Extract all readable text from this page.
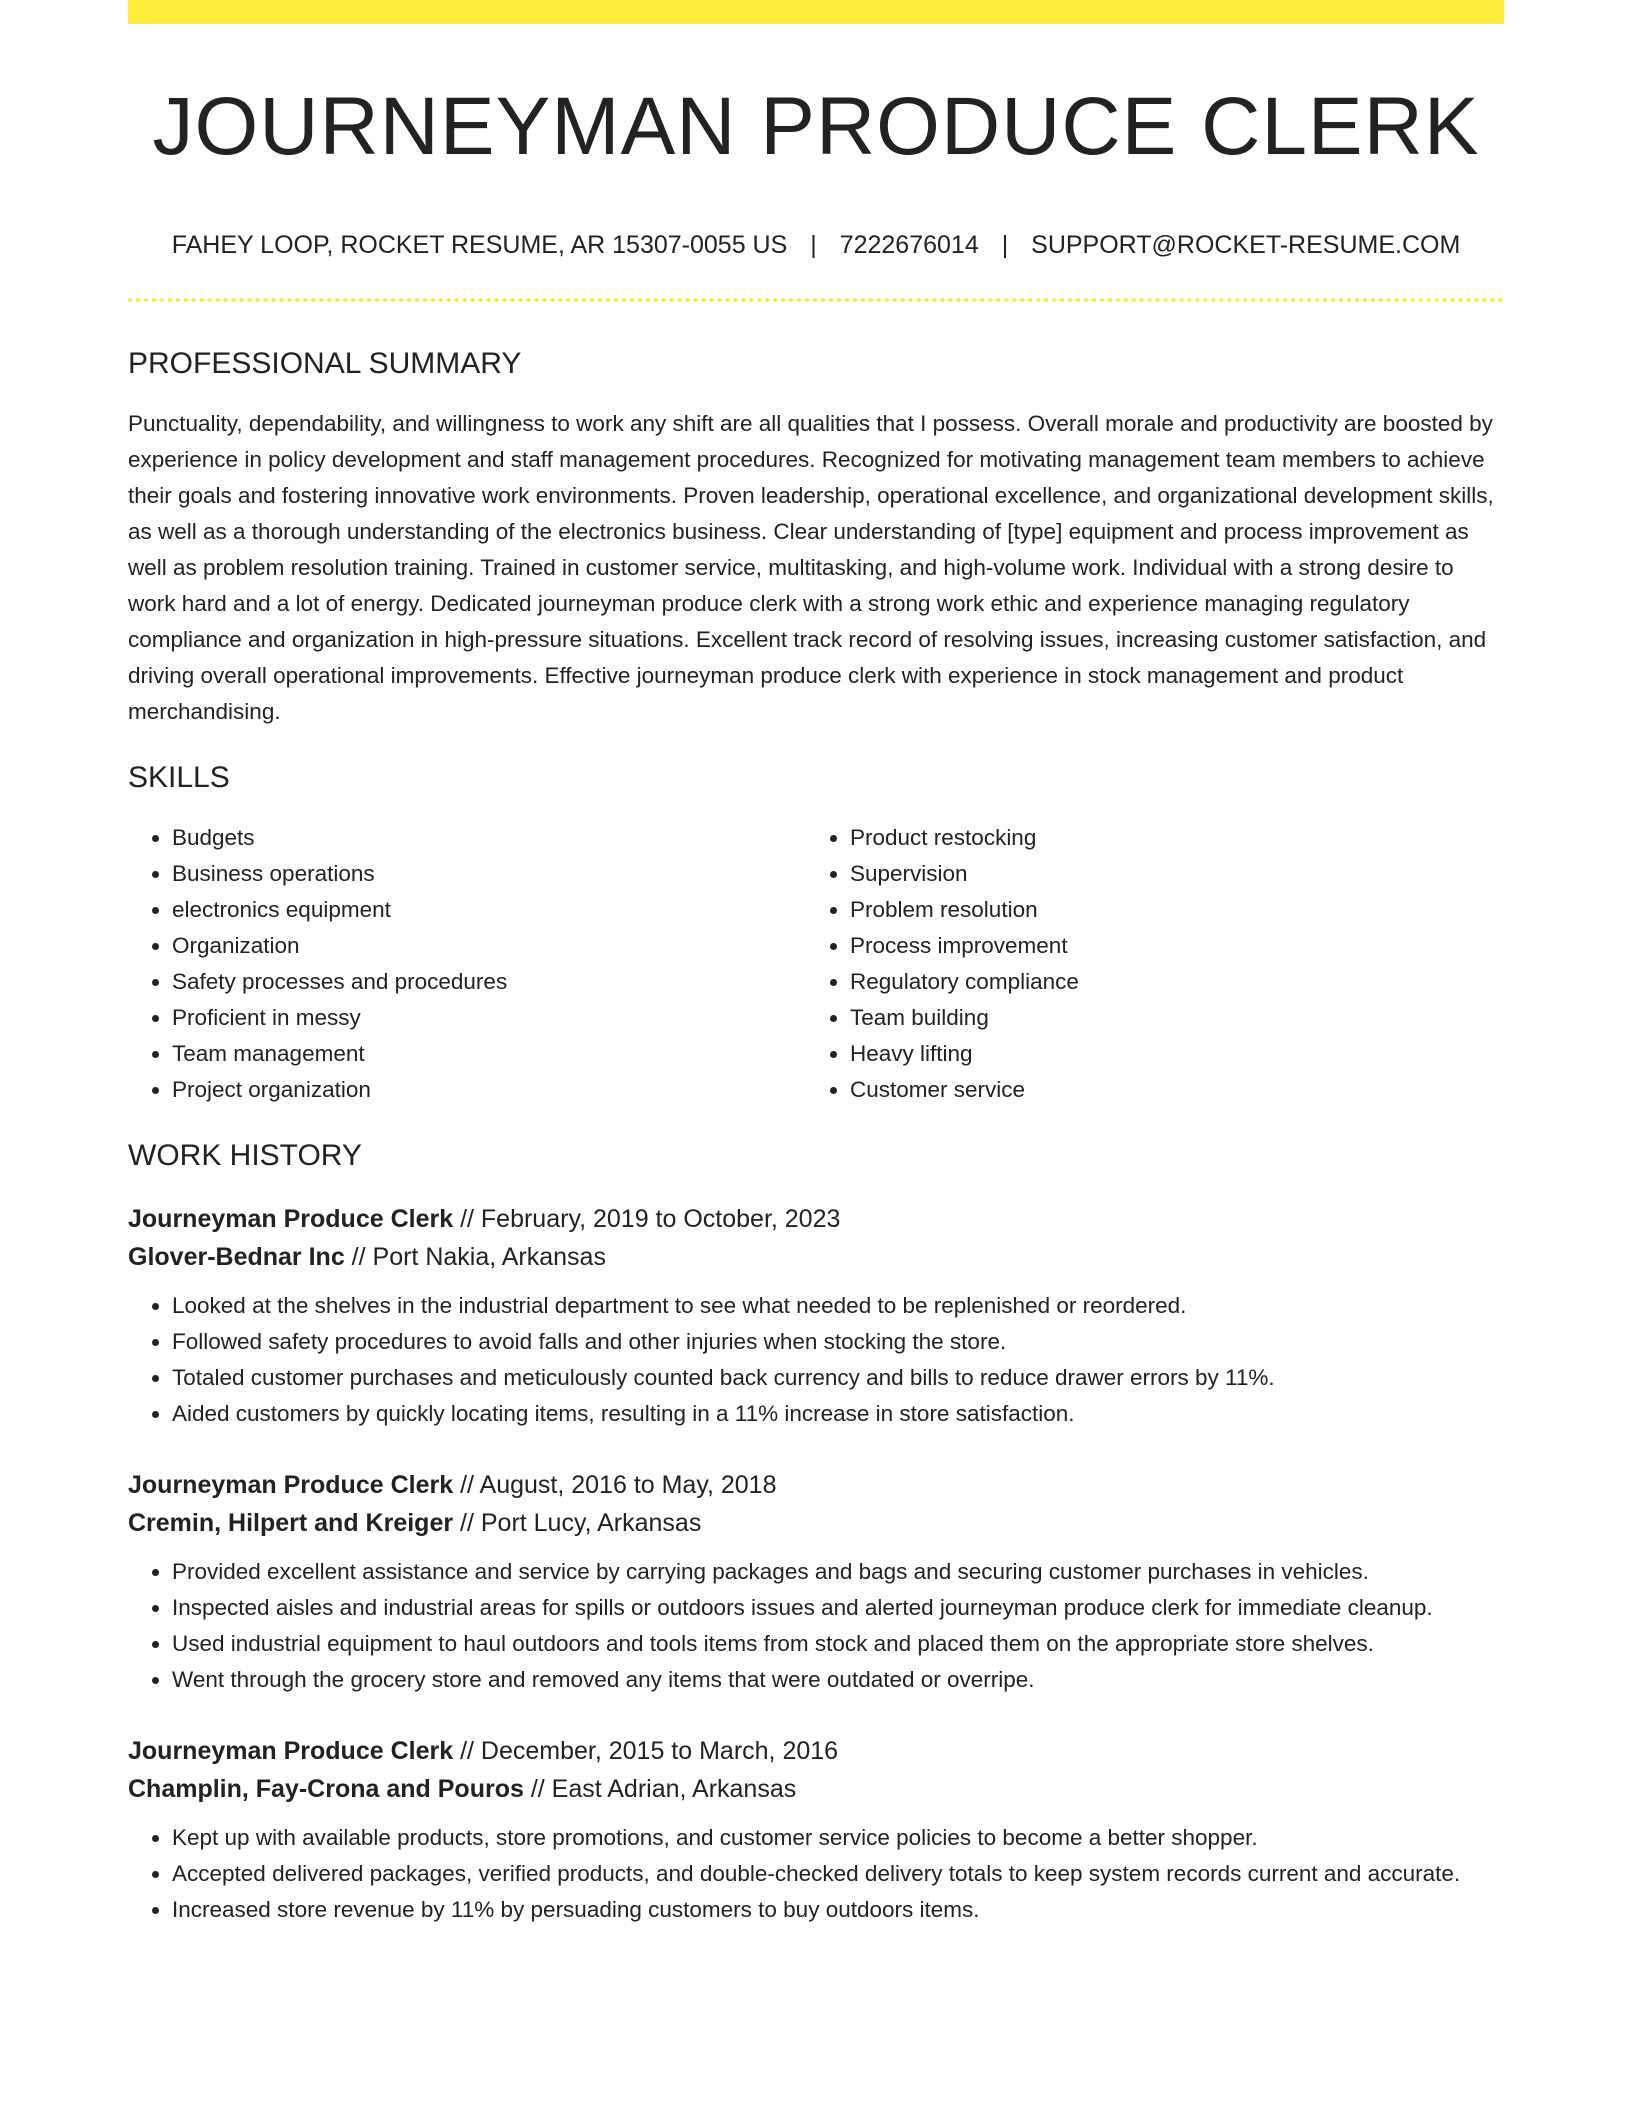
JOURNEYMAN PRODUCE CLERK
FAHEY LOOP, ROCKET RESUME, AR 15307-0055 US | 7222676014 | SUPPORT@ROCKET-RESUME.COM
PROFESSIONAL SUMMARY
Punctuality, dependability, and willingness to work any shift are all qualities that I possess. Overall morale and productivity are boosted by experience in policy development and staff management procedures. Recognized for motivating management team members to achieve their goals and fostering innovative work environments. Proven leadership, operational excellence, and organizational development skills, as well as a thorough understanding of the electronics business. Clear understanding of [type] equipment and process improvement as well as problem resolution training. Trained in customer service, multitasking, and high-volume work. Individual with a strong desire to work hard and a lot of energy. Dedicated journeyman produce clerk with a strong work ethic and experience managing regulatory compliance and organization in high-pressure situations. Excellent track record of resolving issues, increasing customer satisfaction, and driving overall operational improvements. Effective journeyman produce clerk with experience in stock management and product merchandising.
SKILLS
• Budgets
• Business operations
• electronics equipment
• Organization
• Safety processes and procedures
• Proficient in messy
• Team management
• Project organization
• Product restocking
• Supervision
• Problem resolution
• Process improvement
• Regulatory compliance
• Team building
• Heavy lifting
• Customer service
WORK HISTORY
Journeyman Produce Clerk // February, 2019 to October, 2023
Glover-Bednar Inc // Port Nakia, Arkansas
• Looked at the shelves in the industrial department to see what needed to be replenished or reordered.
• Followed safety procedures to avoid falls and other injuries when stocking the store.
• Totaled customer purchases and meticulously counted back currency and bills to reduce drawer errors by 11%.
• Aided customers by quickly locating items, resulting in a 11% increase in store satisfaction.
Journeyman Produce Clerk // August, 2016 to May, 2018
Cremin, Hilpert and Kreiger // Port Lucy, Arkansas
• Provided excellent assistance and service by carrying packages and bags and securing customer purchases in vehicles.
• Inspected aisles and industrial areas for spills or outdoors issues and alerted journeyman produce clerk for immediate cleanup.
• Used industrial equipment to haul outdoors and tools items from stock and placed them on the appropriate store shelves.
• Went through the grocery store and removed any items that were outdated or overripe.
Journeyman Produce Clerk // December, 2015 to March, 2016
Champlin, Fay-Crona and Pouros // East Adrian, Arkansas
• Kept up with available products, store promotions, and customer service policies to become a better shopper.
• Accepted delivered packages, verified products, and double-checked delivery totals to keep system records current and accurate.
• Increased store revenue by 11% by persuading customers to buy outdoors items.
